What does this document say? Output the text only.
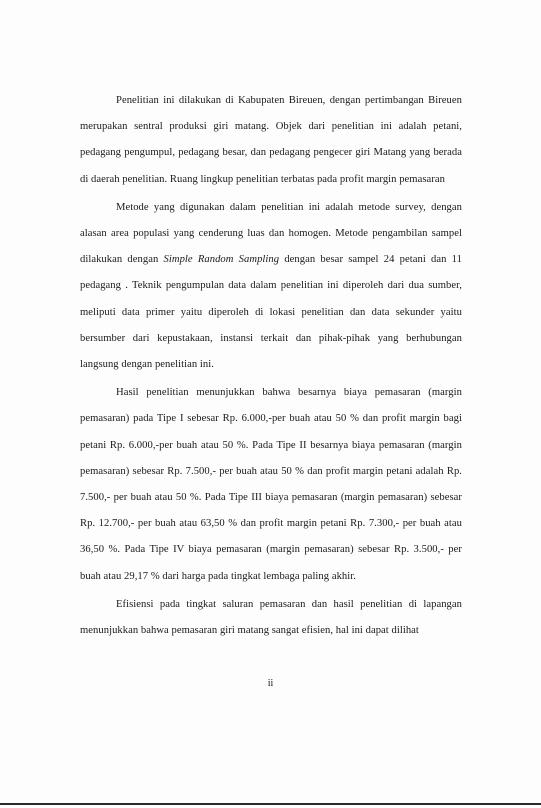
Penelitian ini dilakukan di Kabupaten Bireuen, dengan pertimbangan Bireuen merupakan sentral produksi giri matang. Objek dari penelitian ini adalah petani, pedagang pengumpul, pedagang besar, dan pedagang pengecer giri Matang yang berada di daerah penelitian. Ruang lingkup penelitian terbatas pada profit margin pemasaran

Metode yang digunakan dalam penelitian ini adalah metode survey, dengan alasan area populasi yang cenderung luas dan homogen. Metode pengambilan sampel dilakukan dengan Simple Random Sampling dengan besar sampel 24 petani dan 11 pedagang . Teknik pengumpulan data dalam penelitian ini diperoleh dari dua sumber, meliputi data primer yaitu diperoleh di lokasi penelitian dan data sekunder yaitu bersumber dari kepustakaan, instansi terkait dan pihak-pihak yang berhubungan langsung dengan penelitian ini.

Hasil penelitian menunjukkan bahwa besarnya biaya pemasaran (margin pemasaran) pada Tipe I sebesar Rp. 6.000,-per buah atau 50 % dan profit margin bagi petani Rp. 6.000,-per buah atau 50 %. Pada Tipe II besarnya biaya pemasaran (margin pemasaran) sebesar Rp. 7.500,- per buah atau 50 % dan profit margin petani adalah Rp. 7.500,- per buah atau 50 %. Pada Tipe III biaya pemasaran (margin pemasaran) sebesar Rp. 12.700,- per buah atau 63,50 % dan profit margin petani Rp. 7.300,- per buah atau 36,50 %. Pada Tipe IV biaya pemasaran (margin pemasaran) sebesar Rp. 3.500,- per buah atau 29,17 % dari harga pada tingkat lembaga paling akhir.

Efisiensi pada tingkat saluran pemasaran dan hasil penelitian di lapangan menunjukkan bahwa pemasaran giri matang sangat efisien, hal ini dapat dilihat

ii
